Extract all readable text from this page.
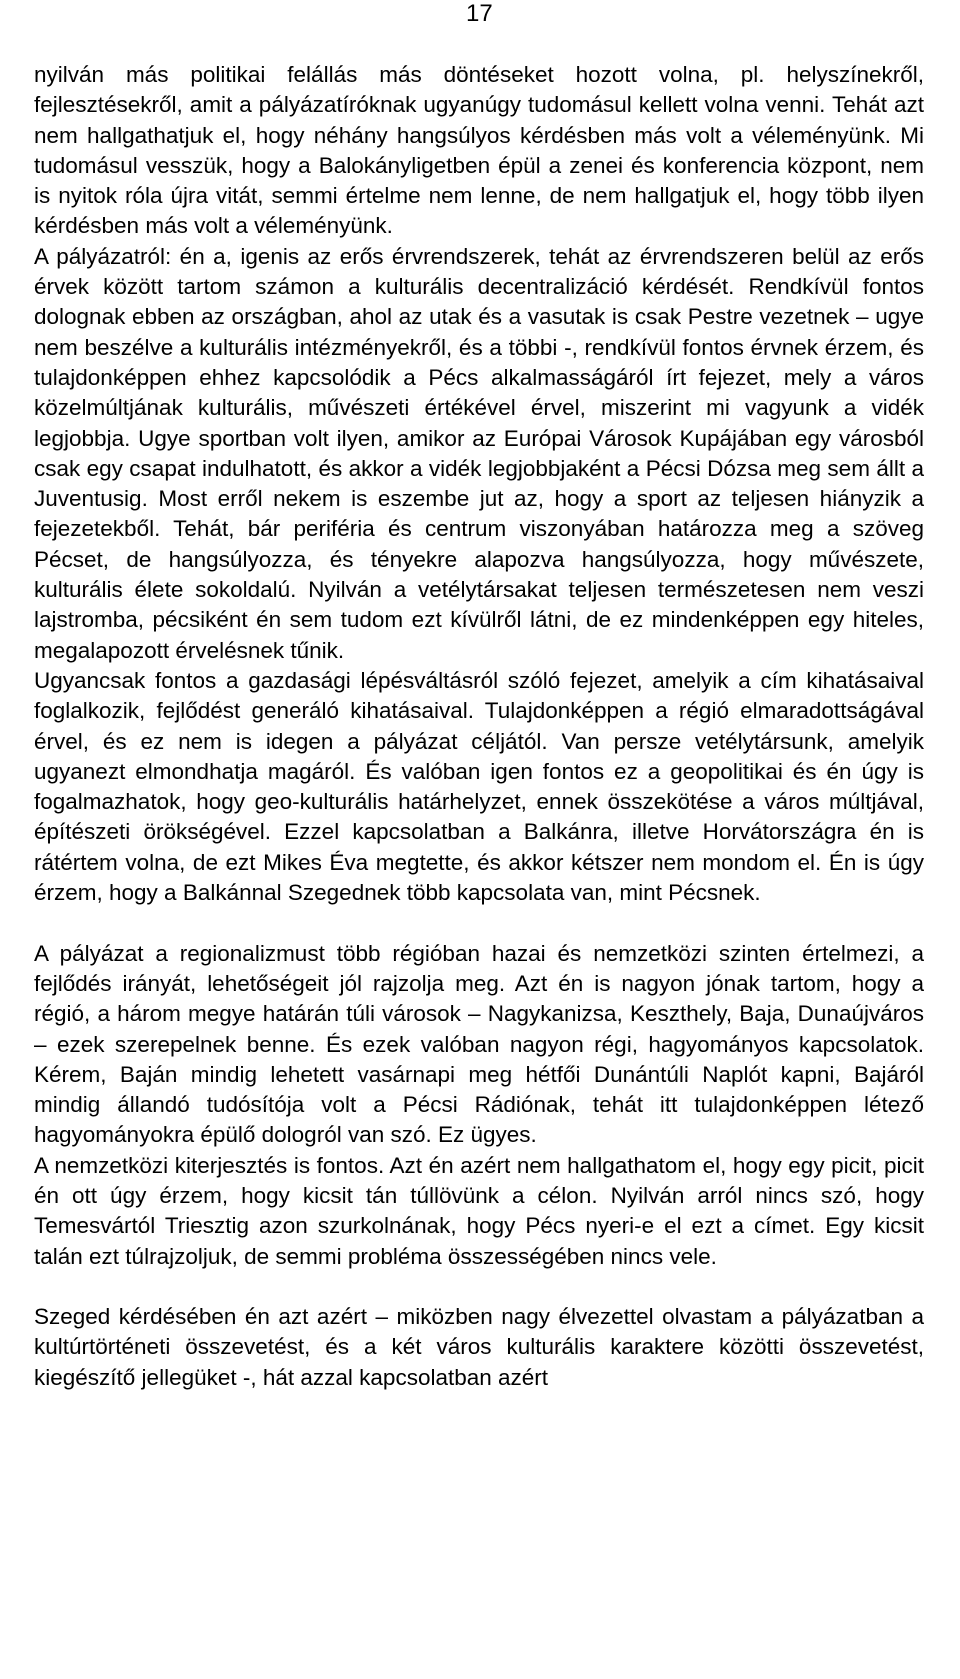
17

nyilván más politikai felállás más döntéseket hozott volna, pl. helyszínekről, fejlesztésekről, amit a pályázatíróknak ugyanúgy tudomásul kellett volna venni. Tehát azt nem hallgathatjuk el, hogy néhány hangsúlyos kérdésben más volt a véleményünk. Mi tudomásul vesszük, hogy a Balokányligetben épül a zenei és konferencia központ, nem is nyitok róla újra vitát, semmi értelme nem lenne, de nem hallgatjuk el, hogy több ilyen kérdésben más volt a véleményünk.

A pályázatról: én a, igenis az erős érvrendszerek, tehát az érvrendszeren belül az erős érvek között tartom számon a kulturális decentralizáció kérdését. Rendkívül fontos dolognak ebben az országban, ahol az utak és a vasutak is csak Pestre vezetnek – ugye nem beszélve a kulturális intézményekről, és a többi -, rendkívül fontos érvnek érzem, és tulajdonképpen ehhez kapcsolódik a Pécs alkalmasságáról írt fejezet, mely a város közelmúltjának kulturális, művészeti értékével érvel, miszerint mi vagyunk a vidék legjobbja. Ugye sportban volt ilyen, amikor az Európai Városok Kupájában egy városból csak egy csapat indulhatott, és akkor a vidék legjobbjaként a Pécsi Dózsa meg sem állt a Juventusig. Most erről nekem is eszembe jut az, hogy a sport az teljesen hiányzik a fejezetekből. Tehát, bár periféria és centrum viszonyában határozza meg a szöveg Pécset, de hangsúlyozza, és tényekre alapozva hangsúlyozza, hogy művészete, kulturális élete sokoldalú. Nyilván a vetélytársakat teljesen természetesen nem veszi lajstromba, pécsiként én sem tudom ezt kívülről látni, de ez mindenképpen egy hiteles, megalapozott érvelésnek tűnik.

Ugyancsak fontos a gazdasági lépésváltásról szóló fejezet, amelyik a cím kihatásaival foglalkozik, fejlődést generáló kihatásaival. Tulajdonképpen a régió elmaradottságával érvel, és ez nem is idegen a pályázat céljától. Van persze vetélytársunk, amelyik ugyanezt elmondhatja magáról. És valóban igen fontos ez a geopolitikai és én úgy is fogalmazhatok, hogy geo-kulturális határhelyzet, ennek összekötése a város múltjával, építészeti örökségével. Ezzel kapcsolatban a Balkánra, illetve Horvátországra én is rátértem volna, de ezt Mikes Éva megtette, és akkor kétszer nem mondom el. Én is úgy érzem, hogy a Balkánnal Szegednek több kapcsolata van, mint Pécsnek.

A pályázat a regionalizmust több régióban hazai és nemzetközi szinten értelmezi, a fejlődés irányát, lehetőségeit jól rajzolja meg. Azt én is nagyon jónak tartom, hogy a régió, a három megye határán túli városok – Nagykanizsa, Keszthely, Baja, Dunaújváros – ezek szerepelnek benne. És ezek valóban nagyon régi, hagyományos kapcsolatok. Kérem, Baján mindig lehetett vasárnapi meg hétfői Dunántúli Naplót kapni, Bajáról mindig állandó tudósítója volt a Pécsi Rádiónak, tehát itt tulajdonképpen létező hagyományokra épülő dologról van szó. Ez ügyes.

A nemzetközi kiterjesztés is fontos. Azt én azért nem hallgathatom el, hogy egy picit, picit én ott úgy érzem, hogy kicsit tán túllövünk a célon. Nyilván arról nincs szó, hogy Temesvártól Triesztig azon szurkolnának, hogy Pécs nyeri-e el ezt a címet. Egy kicsit talán ezt túlrajzoljuk, de semmi probléma összességében nincs vele.

Szeged kérdésében én azt azért – miközben nagy élvezettel olvastam a pályázatban a kultúrtörténeti összevetést, és a két város kulturális karaktere közötti összevetést, kiegészítő jellegüket -, hát azzal kapcsolatban azért
